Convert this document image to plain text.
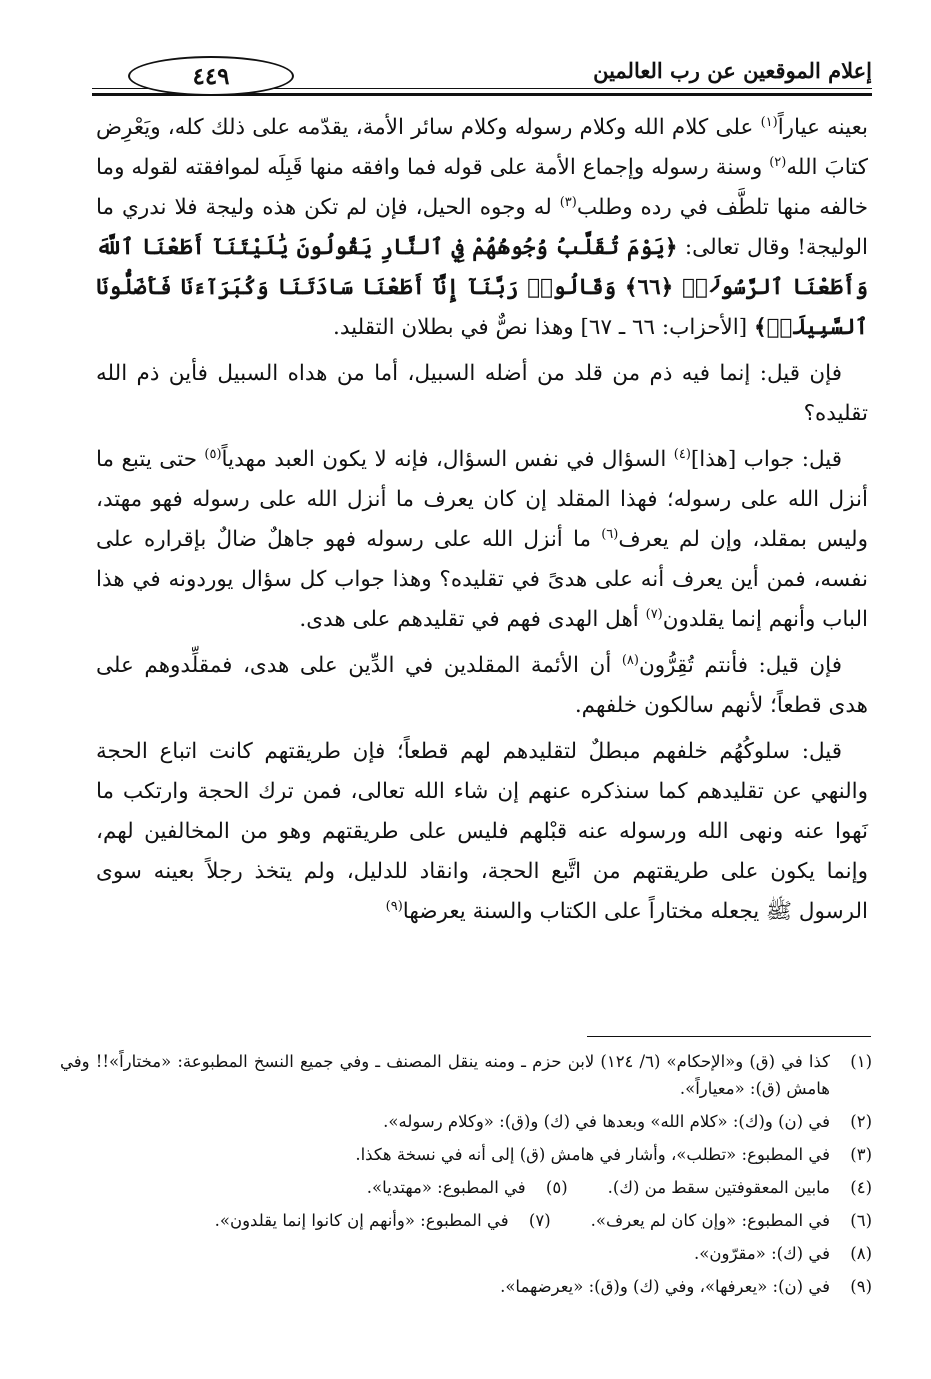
إعلام الموقعين عن رب العالمين
٤٤٩

بعينه عياراً$^{(١)}$ على كلام الله وكلام رسوله وكلام سائر الأمة، يقدّمه على ذلك كله، ويَعْرِض كتابَ الله$^{(٢)}$ وسنة رسوله وإجماع الأمة على قوله فما وافقه منها قَبِلَه لموافقته لقوله وما خالفه منها تلطَّف في رده وطلب$^{(٣)}$ له وجوه الحيل، فإن لم تكن هذه وليجة فلا ندري ما الوليجة! وقال تعالى: ﴿يَوْمَ تُقَلَّبُ وُجُوهُهُمْ فِي ٱلنَّارِ يَقُولُونَ يَٰلَيْتَنَآ أَطَعْنَا ٱللَّهَ وَأَطَعْنَا ٱلرَّسُولَا۠ ﴿٦٦﴾ وَقَالُوا۟ رَبَّنَآ إِنَّآ أَطَعْنَا سَادَتَنَا وَكُبَرَآءَنَا فَأَضَلُّونَا ٱلسَّبِيلَا۠﴾ [الأحزاب: ٦٦ ـ ٦٧] وهذا نصٌّ في بطلان التقليد.

فإن قيل: إنما فيه ذم من قلد من أضله السبيل، أما من هداه السبيل فأين ذم الله تقليده؟

قيل: جواب [هذا]$^{(٤)}$ السؤال في نفس السؤال، فإنه لا يكون العبد مهدياً$^{(٥)}$ حتى يتبع ما أنزل الله على رسوله؛ فهذا المقلد إن كان يعرف ما أنزل الله على رسوله فهو مهتد، وليس بمقلد، وإن لم يعرف$^{(٦)}$ ما أنزل الله على رسوله فهو جاهلٌ ضالٌ بإقراره على نفسه، فمن أين يعرف أنه على هدىً في تقليده؟ وهذا جواب كل سؤال يوردونه في هذا الباب وأنهم إنما يقلدون$^{(٧)}$ أهل الهدى فهم في تقليدهم على هدى.

فإن قيل: فأنتم تُقِرُّون$^{(٨)}$ أن الأئمة المقلدين في الدِّين على هدى، فمقلِّدوهم على هدى قطعاً؛ لأنهم سالكون خلفهم.

قيل: سلوكُهُم خلفهم مبطلٌ لتقليدهم لهم قطعاً؛ فإن طريقتهم كانت اتباع الحجة والنهي عن تقليدهم كما سنذكره عنهم إن شاء الله تعالى، فمن ترك الحجة وارتكب ما نَهوا عنه ونهى الله ورسوله عنه قبْلهم فليس على طريقتهم وهو من المخالفين لهم، وإنما يكون على طريقتهم من اتَّبع الحجة، وانقاد للدليل، ولم يتخذ رجلاً بعينه سوى الرسول ﷺ يجعله مختاراً على الكتاب والسنة يعرضها$^{(٩)}$

(١)
كذا في (ق) و«الإحكام» (٦/ ١٢٤) لابن حزم ـ ومنه ينقل المصنف ـ وفي جميع النسخ المطبوعة: «مختاراً»!! وفي هامش (ق): «معياراً».
(٢)
في (ن) و(ك): «كلام الله» وبعدها في (ك) و(ق): «وكلام رسوله».
(٣)
في المطبوع: «تطلب»، وأشار في هامش (ق) إلى أنه في نسخة هكذا.
(٤)
مابين المعقوفتين سقط من (ك).
(٥)
في المطبوع: «مهتديا».
(٦)
في المطبوع: «وإن كان لم يعرف».
(٧)
في المطبوع: «وأنهم إن كانوا إنما يقلدون».
(٨)
في (ك): «مقرّون».
(٩)
في (ن): «يعرفها»، وفي (ك) و(ق): «يعرضهما».
